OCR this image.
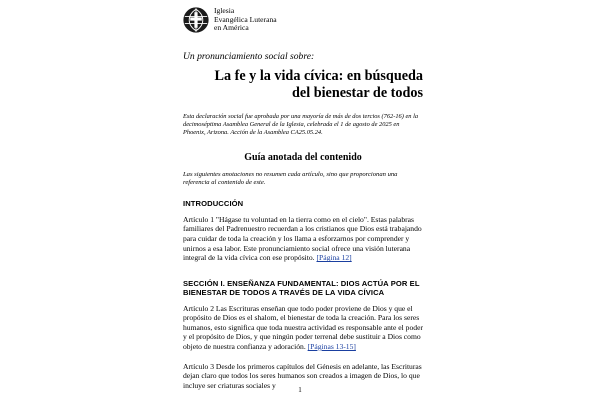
Iglesia
Evangélica Luterana
en América
Un pronunciamiento social sobre:
La fe y la vida cívica: en búsqueda
del bienestar de todos
Esta declaración social fue aprobada por una mayoría de más de dos tercios (762-16) en la decimoséptima Asamblea General de la Iglesia, celebrada el 1 de agosto de 2025 en Phoenix, Arizona. Acción de la Asamblea CA25.05.24.
Guía anotada del contenido
Las siguientes anotaciones no resumen cada artículo, sino que proporcionan una referencia al contenido de este.
INTRODUCCIÓN
Artículo 1 "Hágase tu voluntad en la tierra como en el cielo". Estas palabras familiares del Padrenuestro recuerdan a los cristianos que Dios está trabajando para cuidar de toda la creación y los llama a esforzarnos por comprender y unirnos a esa labor. Este pronunciamiento social ofrece una visión luterana integral de la vida cívica con ese propósito. [Página 12]
SECCIÓN I. ENSEÑANZA FUNDAMENTAL: DIOS ACTÚA POR EL BIENESTAR DE TODOS A TRAVÉS DE LA VIDA CÍVICA
Artículo 2 Las Escrituras enseñan que todo poder proviene de Dios y que el propósito de Dios es el shalom, el bienestar de toda la creación. Para los seres humanos, esto significa que toda nuestra actividad es responsable ante el poder y el propósito de Dios, y que ningún poder terrenal debe sustituir a Dios como objeto de nuestra confianza y adoración. [Páginas 13-15]
Artículo 3 Desde los primeros capítulos del Génesis en adelante, las Escrituras dejan claro que todos los seres humanos son creados a imagen de Dios, lo que incluye ser criaturas sociales y
1
